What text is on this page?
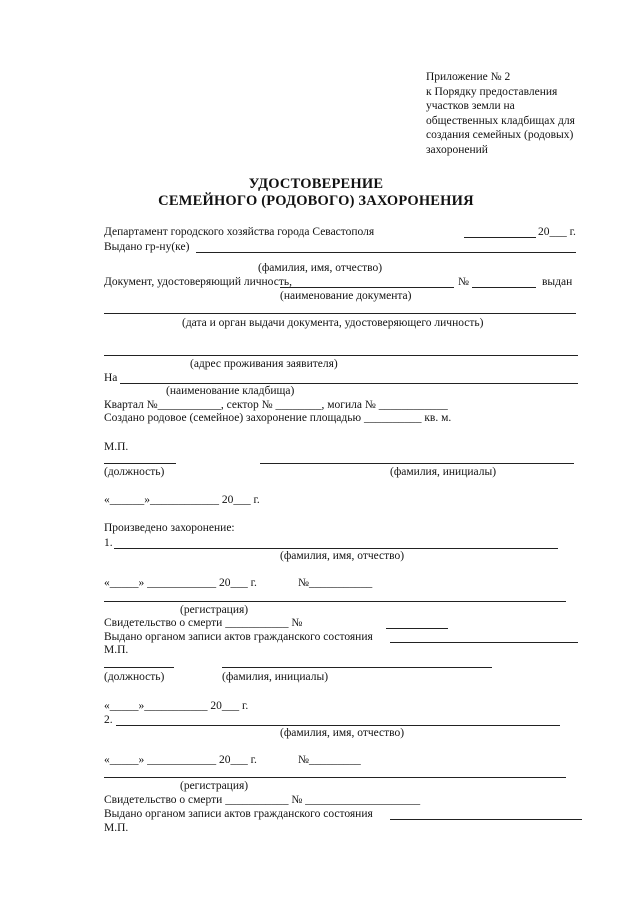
Приложение № 2
к Порядку предоставления
участков земли на
общественных кладбищах для
создания семейных (родовых)
захоронений
УДОСТОВЕРЕНИЕ
СЕМЕЙНОГО (РОДОВОГО) ЗАХОРОНЕНИЯ
Департамент городского хозяйства города Севастополя	20___ г.
Выдано гр-ну(ке)
(фамилия, имя, отчество)
Документ, удостоверяющий личность,	№	выдан
(наименование документа)
(дата и орган выдачи документа, удостоверяющего личность)
(адрес проживания заявителя)
На
(наименование кладбища)
Квартал №___________, сектор № ________, могила № ____________
Создано родовое (семейное) захоронение площадью __________ кв. м.
М.П.
(должность)	(фамилия, инициалы)
«______»____________ 20___ г.
Произведено захоронение:
1.
(фамилия, имя, отчество)
«_____» ____________ 20___ г.	№___________
(регистрация)
Свидетельство о смерти ___________ №
Выдано органом записи актов гражданского состояния
М.П.
(должность)	(фамилия, инициалы)
«_____»___________ 20___ г.
2.
(фамилия, имя, отчество)
«_____» ____________ 20___ г.	№_________
(регистрация)
Свидетельство о смерти ___________ № ____________________
Выдано органом записи актов гражданского состояния
М.П.
